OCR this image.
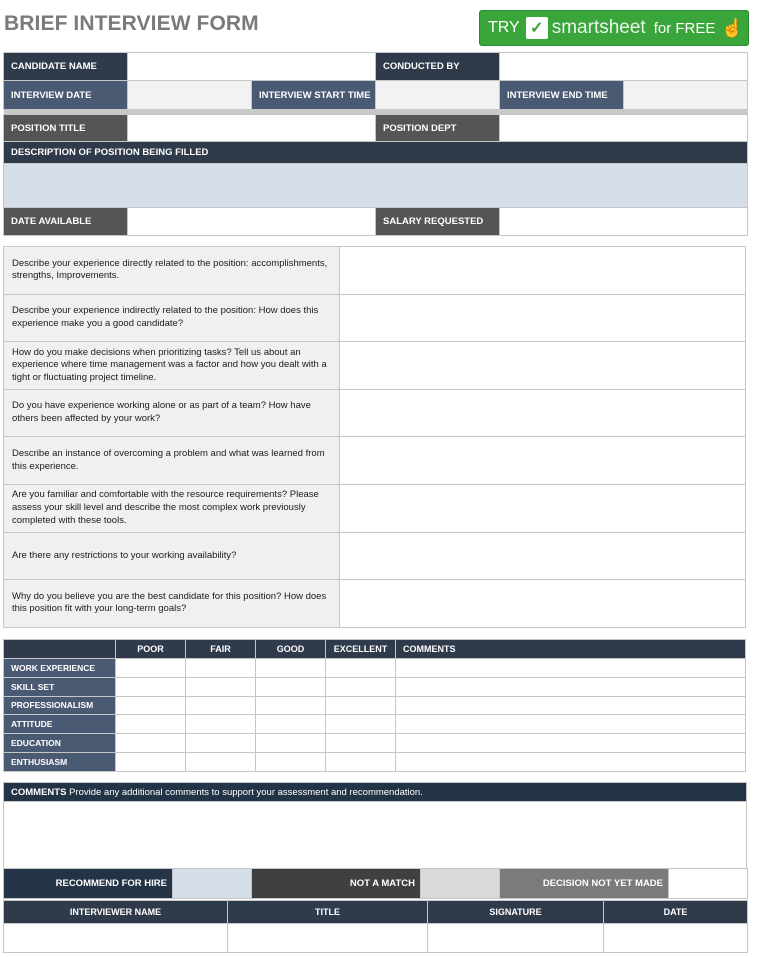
BRIEF INTERVIEW FORM	TRY ✓ smartsheet for FREE ☝
CANDIDATE NAME			CONDUCTED BY		
INTERVIEW DATE		INTERVIEW START TIME		INTERVIEW END TIME	

POSITION TITLE			POSITION DEPT		
DESCRIPTION OF POSITION BEING FILLED					

DATE AVAILABLE			SALARY REQUESTED		
Describe your experience directly related to the position: accomplishments, strengths, Improvements.	
Describe your experience indirectly related to the position: How does this experience make you a good candidate?	
How do you make decisions when prioritizing tasks? Tell us about an experience where time management was a factor and how you dealt with a tight or fluctuating project timeline.	
Do you have experience working alone or as part of a team? How have others been affected by your work?	
Describe an instance of overcoming a problem and what was learned from this experience.	
Are you familiar and comfortable with the resource requirements? Please assess your skill level and describe the most complex work previously completed with these tools.	
Are there any restrictions to your working availability?	
Why do you believe you are the best candidate for this position? How does this position fit with your long-term goals?	
	POOR	FAIR	GOOD	EXCELLENT	COMMENTS
WORK EXPERIENCE					
SKILL SET					
PROFESSIONALISM					
ATTITUDE					
EDUCATION					
ENTHUSIASM					
COMMENTS Provide any additional comments to support your assessment and recommendation.

RECOMMEND FOR HIRE		NOT A MATCH		DECISION NOT YET MADE	
INTERVIEWER NAME	TITLE	SIGNATURE	DATE
